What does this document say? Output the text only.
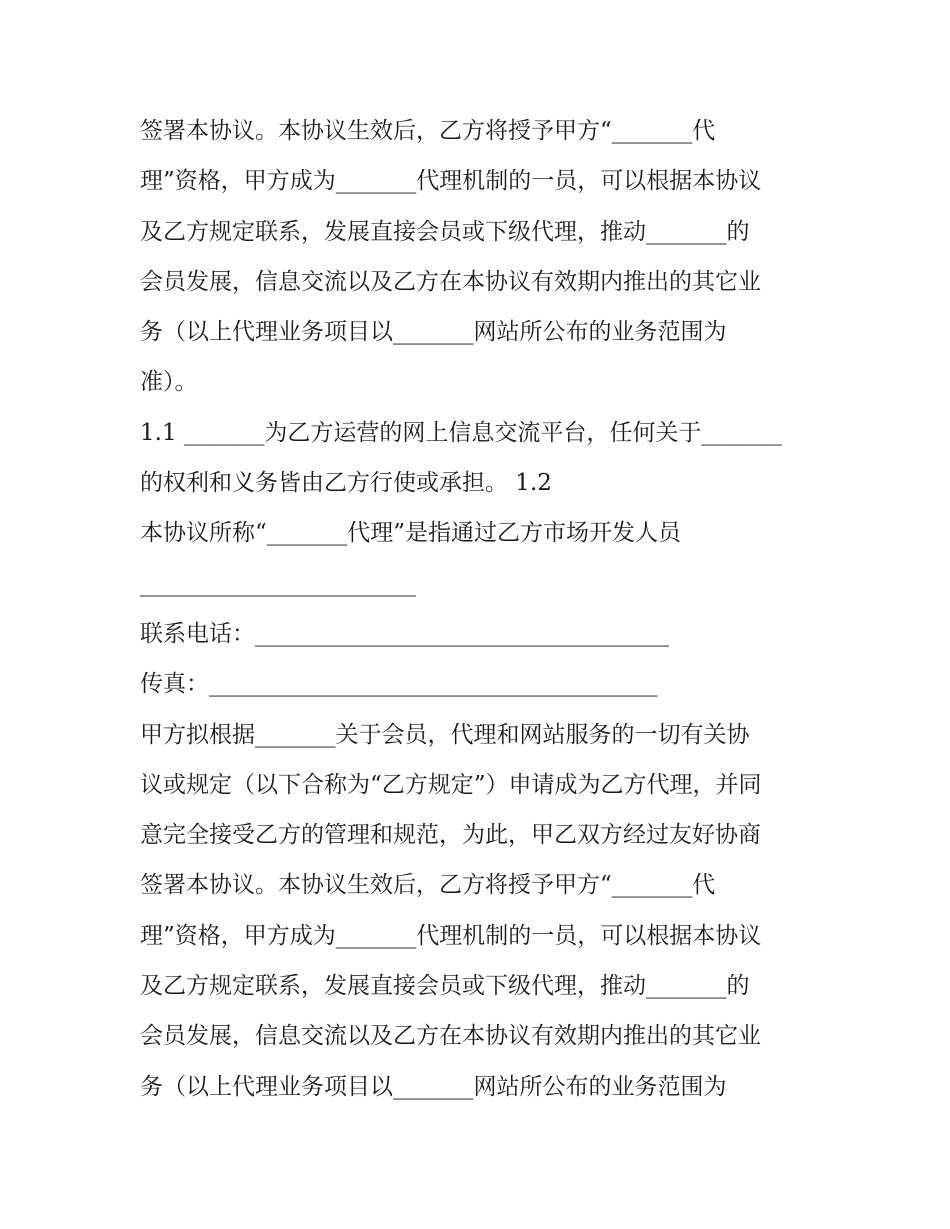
签署本协议。本协议生效后，乙方将授予甲方“_______代
理”资格，甲方成为_______代理机制的一员，可以根据本协议
及乙方规定联系，发展直接会员或下级代理，推动_______的
会员发展，信息交流以及乙方在本协议有效期内推出的其它业
务（以上代理业务项目以_______网站所公布的业务范围为
准）。
1.1 _______为乙方运营的网上信息交流平台，任何关于_______
的权利和义务皆由乙方行使或承担。 1.2
本协议所称“_______代理”是指通过乙方市场开发人员
________________________
联系电话：____________________________________
传真：_______________________________________
甲方拟根据_______关于会员，代理和网站服务的一切有关协
议或规定（以下合称为“乙方规定”）申请成为乙方代理，并同
意完全接受乙方的管理和规范，为此，甲乙双方经过友好协商
签署本协议。本协议生效后，乙方将授予甲方“_______代
理”资格，甲方成为_______代理机制的一员，可以根据本协议
及乙方规定联系，发展直接会员或下级代理，推动_______的
会员发展，信息交流以及乙方在本协议有效期内推出的其它业
务（以上代理业务项目以_______网站所公布的业务范围为
